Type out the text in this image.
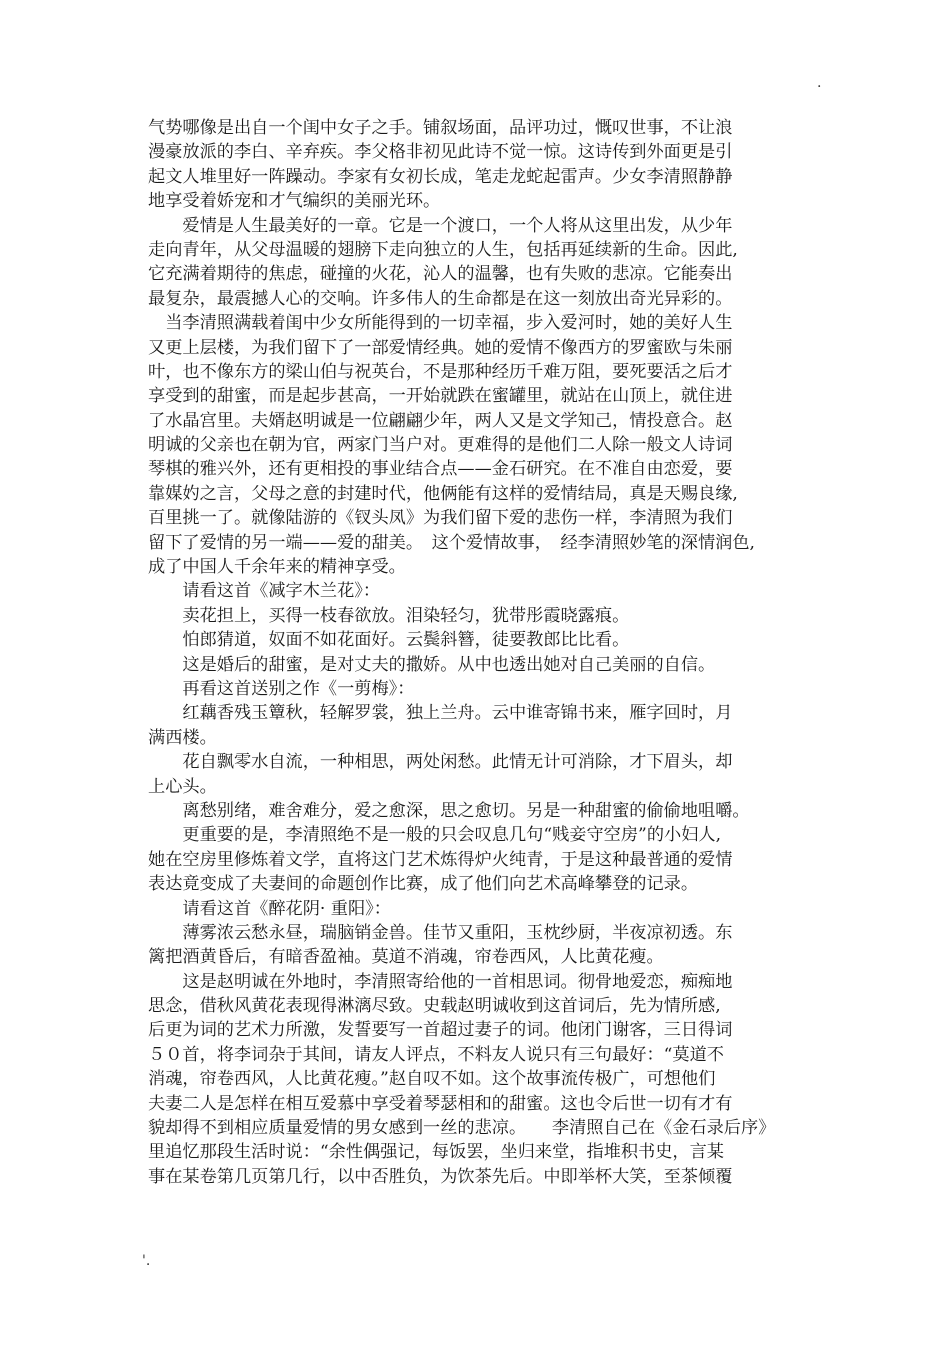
.
气势哪像是出自一个闺中女子之手。铺叙场面，品评功过，慨叹世事，不让浪
漫豪放派的李白、辛弃疾。李父格非初见此诗不觉一惊。这诗传到外面更是引
起文人堆里好一阵躁动。李家有女初长成，笔走龙蛇起雷声。少女李清照静静
地享受着娇宠和才气编织的美丽光环。
　　爱情是人生最美好的一章。它是一个渡口，一个人将从这里出发，从少年
走向青年，从父母温暖的翅膀下走向独立的人生，包括再延续新的生命。因此,
它充满着期待的焦虑，碰撞的火花，沁人的温馨，也有失败的悲凉。它能奏出
最复杂，最震撼人心的交响。许多伟人的生命都是在这一刻放出奇光异彩的。
　当李清照满载着闺中少女所能得到的一切幸福，步入爱河时，她的美好人生
又更上层楼，为我们留下了一部爱情经典。她的爱情不像西方的罗蜜欧与朱丽
叶，也不像东方的梁山伯与祝英台，不是那种经历千难万阻，要死要活之后才
享受到的甜蜜，而是起步甚高，一开始就跌在蜜罐里，就站在山顶上，就住进
了水晶宫里。夫婿赵明诚是一位翩翩少年，两人又是文学知己，情投意合。赵
明诚的父亲也在朝为官，两家门当户对。更难得的是他们二人除一般文人诗词
琴棋的雅兴外，还有更相投的事业结合点——金石研究。在不准自由恋爱，要
靠媒妁之言，父母之意的封建时代，他俩能有这样的爱情结局，真是天赐良缘,
百里挑一了。就像陆游的《钗头凤》为我们留下爱的悲伤一样，李清照为我们
留下了爱情的另一端——爱的甜美。　这个爱情故事，　经李清照妙笔的深情润色,
成了中国人千余年来的精神享受。
　　请看这首《减字木兰花》：
　　卖花担上，买得一枝春欲放。泪染轻匀，犹带彤霞晓露痕。
　　怕郎猜道，奴面不如花面好。云鬓斜簪，徒要教郎比比看。
　　这是婚后的甜蜜，是对丈夫的撒娇。从中也透出她对自己美丽的自信。
　　再看这首送别之作《一剪梅》：
　　红藕香残玉簟秋，轻解罗裳，独上兰舟。云中谁寄锦书来，雁字回时，月
满西楼。
　　花自飘零水自流，一种相思，两处闲愁。此情无计可消除，才下眉头，却
上心头。
　　离愁别绪，难舍难分，爱之愈深，思之愈切。另是一种甜蜜的偷偷地咀嚼。
　　更重要的是，李清照绝不是一般的只会叹息几句“贱妾守空房”的小妇人,
她在空房里修炼着文学，直将这门艺术炼得炉火纯青，于是这种最普通的爱情
表达竟变成了夫妻间的命题创作比赛，成了他们向艺术高峰攀登的记录。
　　请看这首《醉花阴· 重阳》：
　　薄雾浓云愁永昼，瑞脑销金兽。佳节又重阳，玉枕纱厨，半夜凉初透。东
篱把酒黄昏后，有暗香盈袖。莫道不消魂，帘卷西风，人比黄花瘦。
　　这是赵明诚在外地时，李清照寄给他的一首相思词。彻骨地爱恋，痴痴地
思念，借秋风黄花表现得淋漓尽致。史载赵明诚收到这首词后，先为情所感,
后更为词的艺术力所激，发誓要写一首超过妻子的词。他闭门谢客，三日得词
５０首，将李词杂于其间，请友人评点，不料友人说只有三句最好：“莫道不
消魂，帘卷西风，人比黄花瘦。”赵自叹不如。这个故事流传极广，可想他们
夫妻二人是怎样在相互爱慕中享受着琴瑟相和的甜蜜。这也令后世一切有才有
貌却得不到相应质量爱情的男女感到一丝的悲凉。　　李清照自己在《金石录后序》
里追忆那段生活时说：“余性偶强记，每饭罢，坐归来堂，指堆积书史，言某
事在某卷第几页第几行，以中否胜负，为饮茶先后。中即举杯大笑，至茶倾覆
'.
